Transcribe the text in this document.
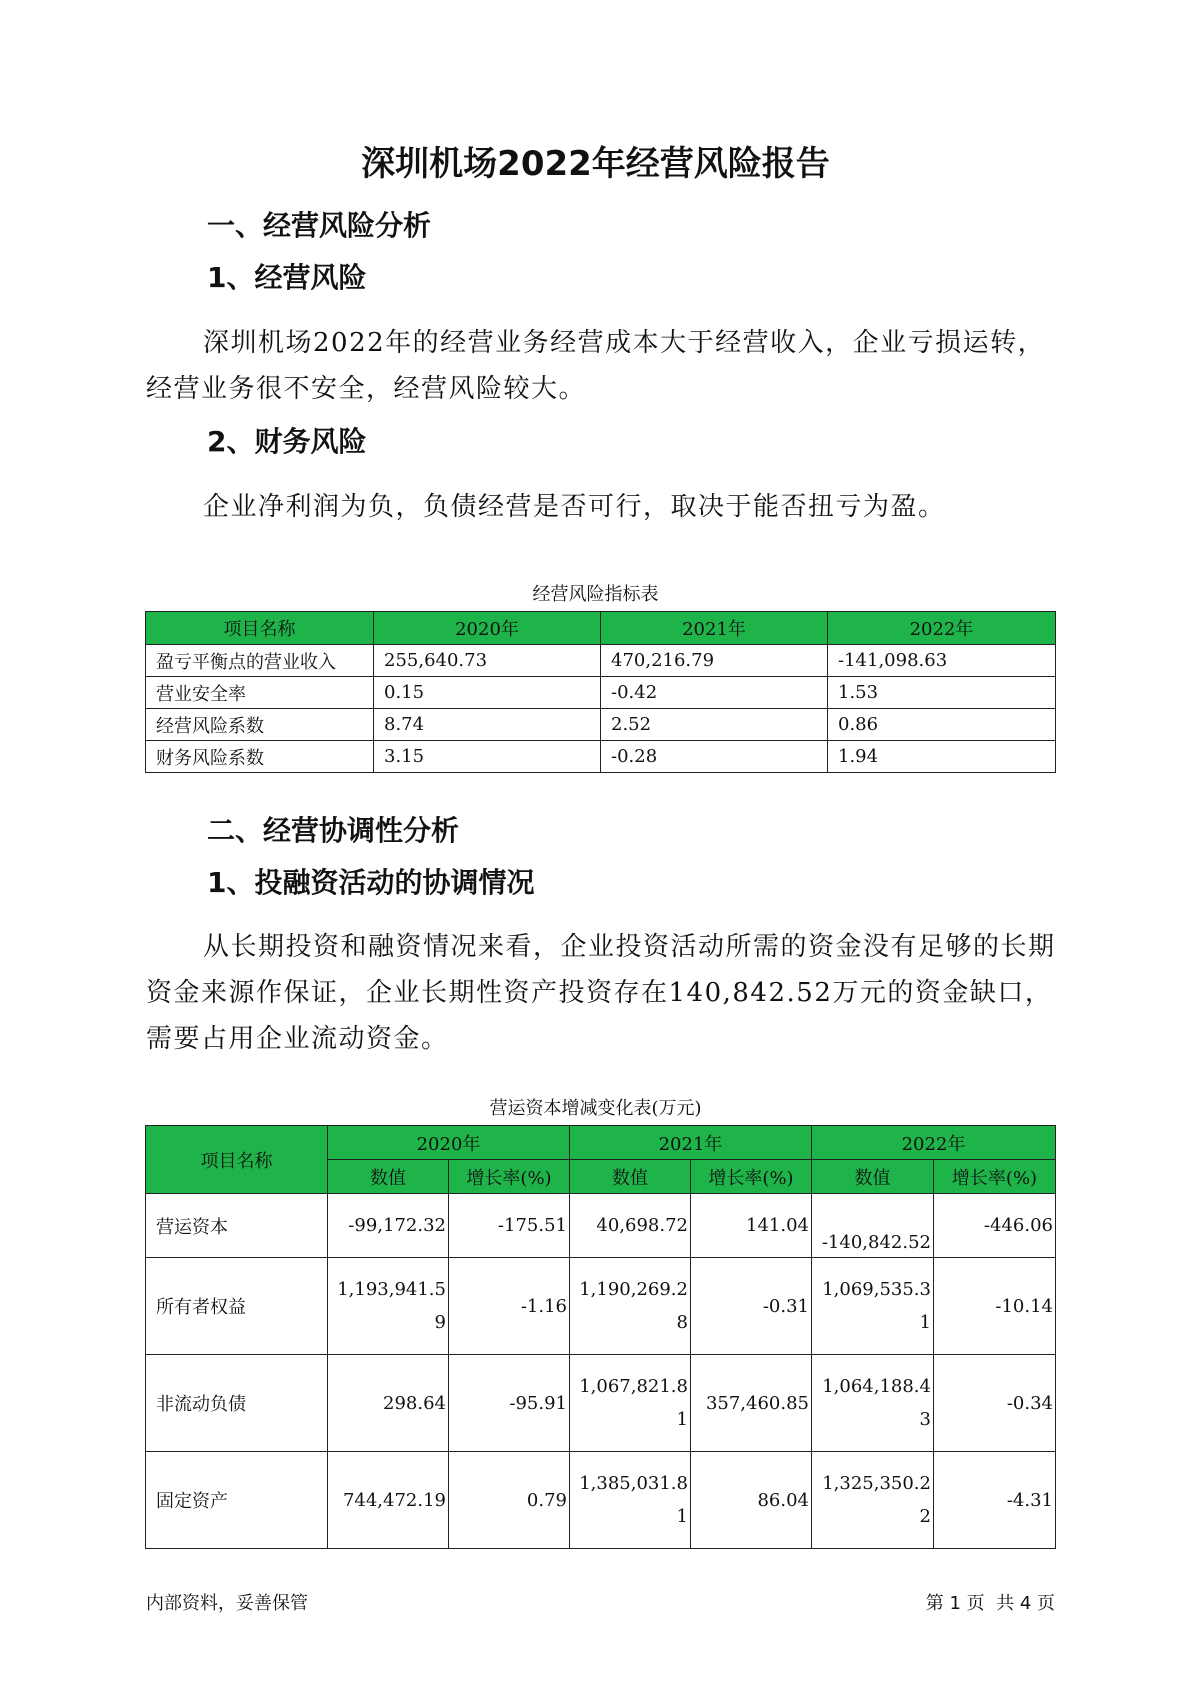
深圳机场2022年经营风险报告
一、经营风险分析
1、经营风险

深圳机场2022年的经营业务经营成本大于经营收入，企业亏损运转，经营业务很不安全，经营风险较大。

2、财务风险

企业净利润为负，负债经营是否可行，取决于能否扭亏为盈。

经营风险指标表

项目名称	2020年	2021年	2022年
盈亏平衡点的营业收入	255,640.73	470,216.79	-141,098.63
营业安全率	0.15	-0.42	1.53
经营风险系数	8.74	2.52	0.86
财务风险系数	3.15	-0.28	1.94
二、经营协调性分析
1、投融资活动的协调情况

从长期投资和融资情况来看，企业投资活动所需的资金没有足够的长期资金来源作保证，企业长期性资产投资存在140,842.52万元的资金缺口，需要占用企业流动资金。

营运资本增减变化表(万元)

项目名称	2020年		2021年		2022年	
	数值	增长率(%)	数值	增长率(%)	数值	增长率(%)
营运资本	-99,172.32	-175.51	40,698.72	141.04	-140,842.52	-446.06
所有者权益	1,193,941.59	-1.16	1,190,269.28	-0.31	1,069,535.31	-10.14
非流动负债	298.64	-95.91	1,067,821.81	357,460.85	1,064,188.43	-0.34
固定资产	744,472.19	0.79	1,385,031.81	86.04	1,325,350.22	-4.31

内部资料，妥善保管	第 1 页  共 4 页
